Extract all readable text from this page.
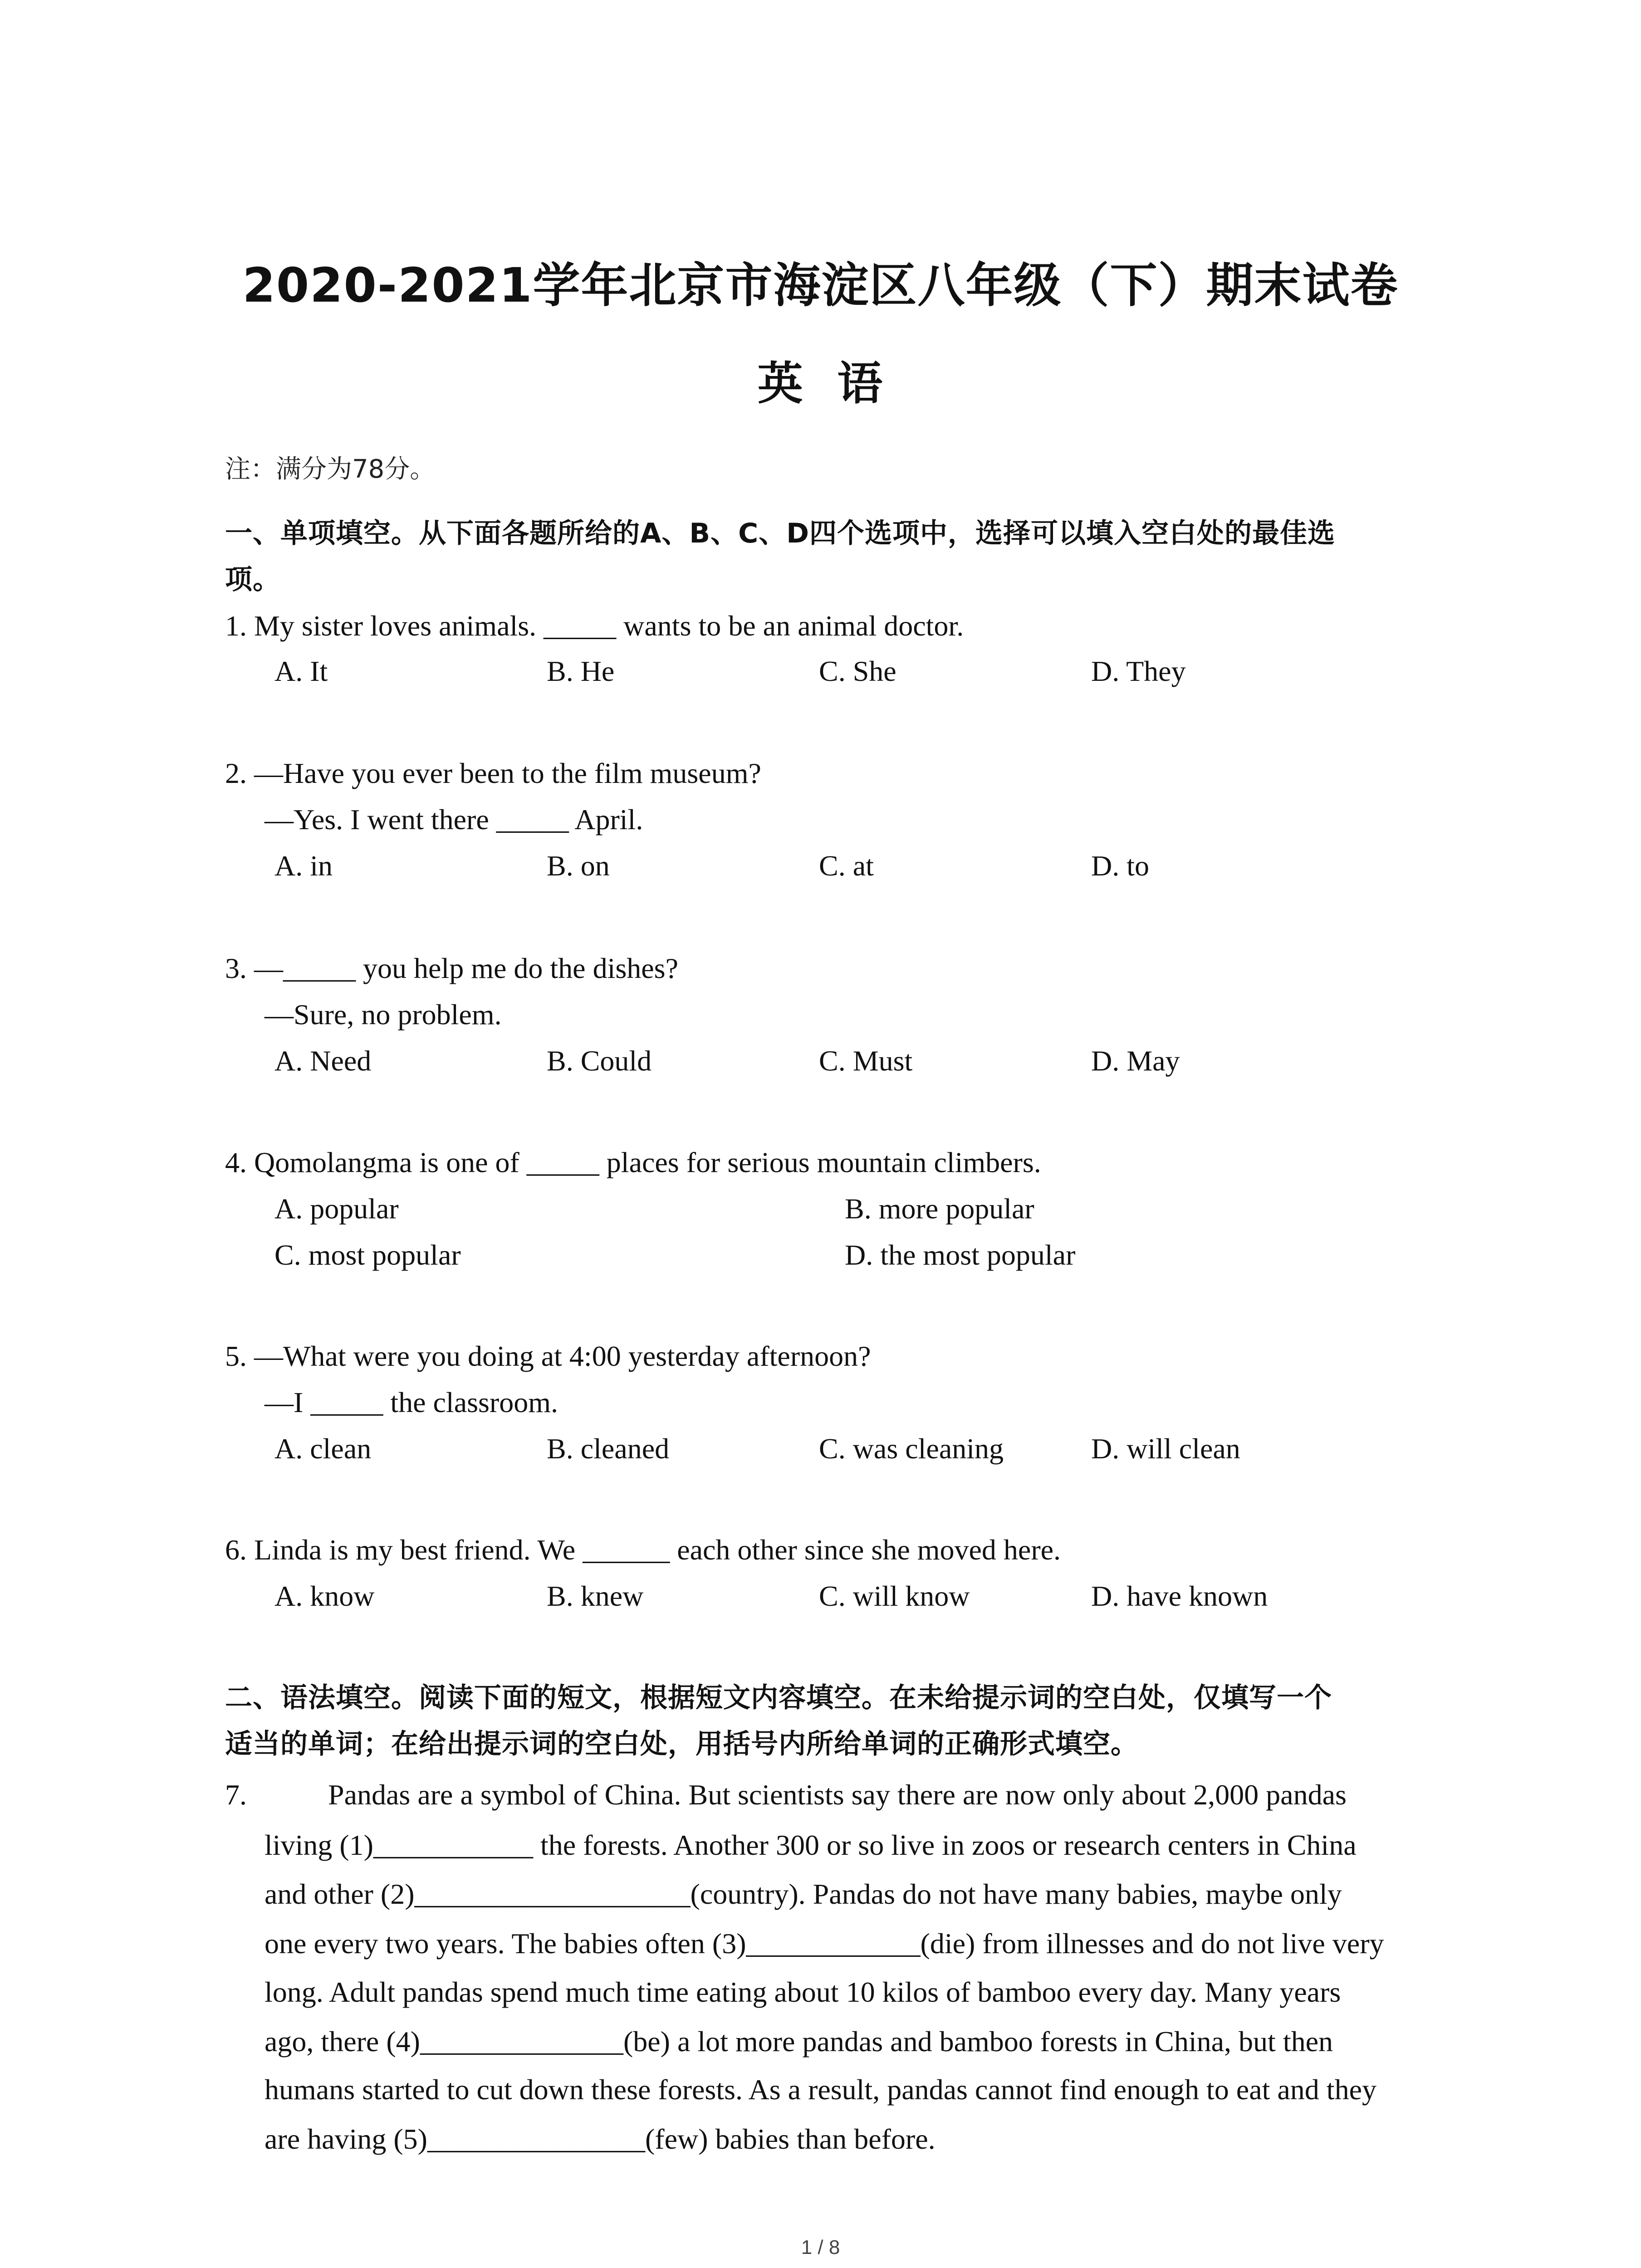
2020-2021学年北京市海淀区八年级（下）期末试卷
英  语
注：满分为78分。
一、单项填空。从下面各题所给的A、B、C、D四个选项中，选择可以填入空白处的最佳选
项。
1. My sister loves animals. _____ wants to be an animal doctor.
A. It	B. He	C. She	D. They
2. —Have you ever been to the film museum?
—Yes. I went there _____ April.
A. in	B. on	C. at	D. to
3. —_____ you help me do the dishes?
—Sure, no problem.
A. Need	B. Could	C. Must	D. May
4. Qomolangma is one of _____ places for serious mountain climbers.
A. popular	B. more popular
C. most popular	D. the most popular
5. —What were you doing at 4:00 yesterday afternoon?
—I _____ the classroom.
A. clean	B. cleaned	C. was cleaning	D. will clean
6. Linda is my best friend. We ______ each other since she moved here.
A. know	B. knew	C. will know	D. have known
二、语法填空。阅读下面的短文，根据短文内容填空。在未给提示词的空白处，仅填写一个
适当的单词；在给出提示词的空白处，用括号内所给单词的正确形式填空。
7.	Pandas are a symbol of China. But scientists say there are now only about 2,000 pandas
living (1)___________ the forests. Another 300 or so live in zoos or research centers in China
and other (2)___________________(country). Pandas do not have many babies, maybe only
one every two years. The babies often (3)____________(die) from illnesses and do not live very
long. Adult pandas spend much time eating about 10 kilos of bamboo every day. Many years
ago, there (4)______________(be) a lot more pandas and bamboo forests in China, but then
humans started to cut down these forests. As a result, pandas cannot find enough to eat and they
are having (5)_______________(few) babies than before.
1 / 8
